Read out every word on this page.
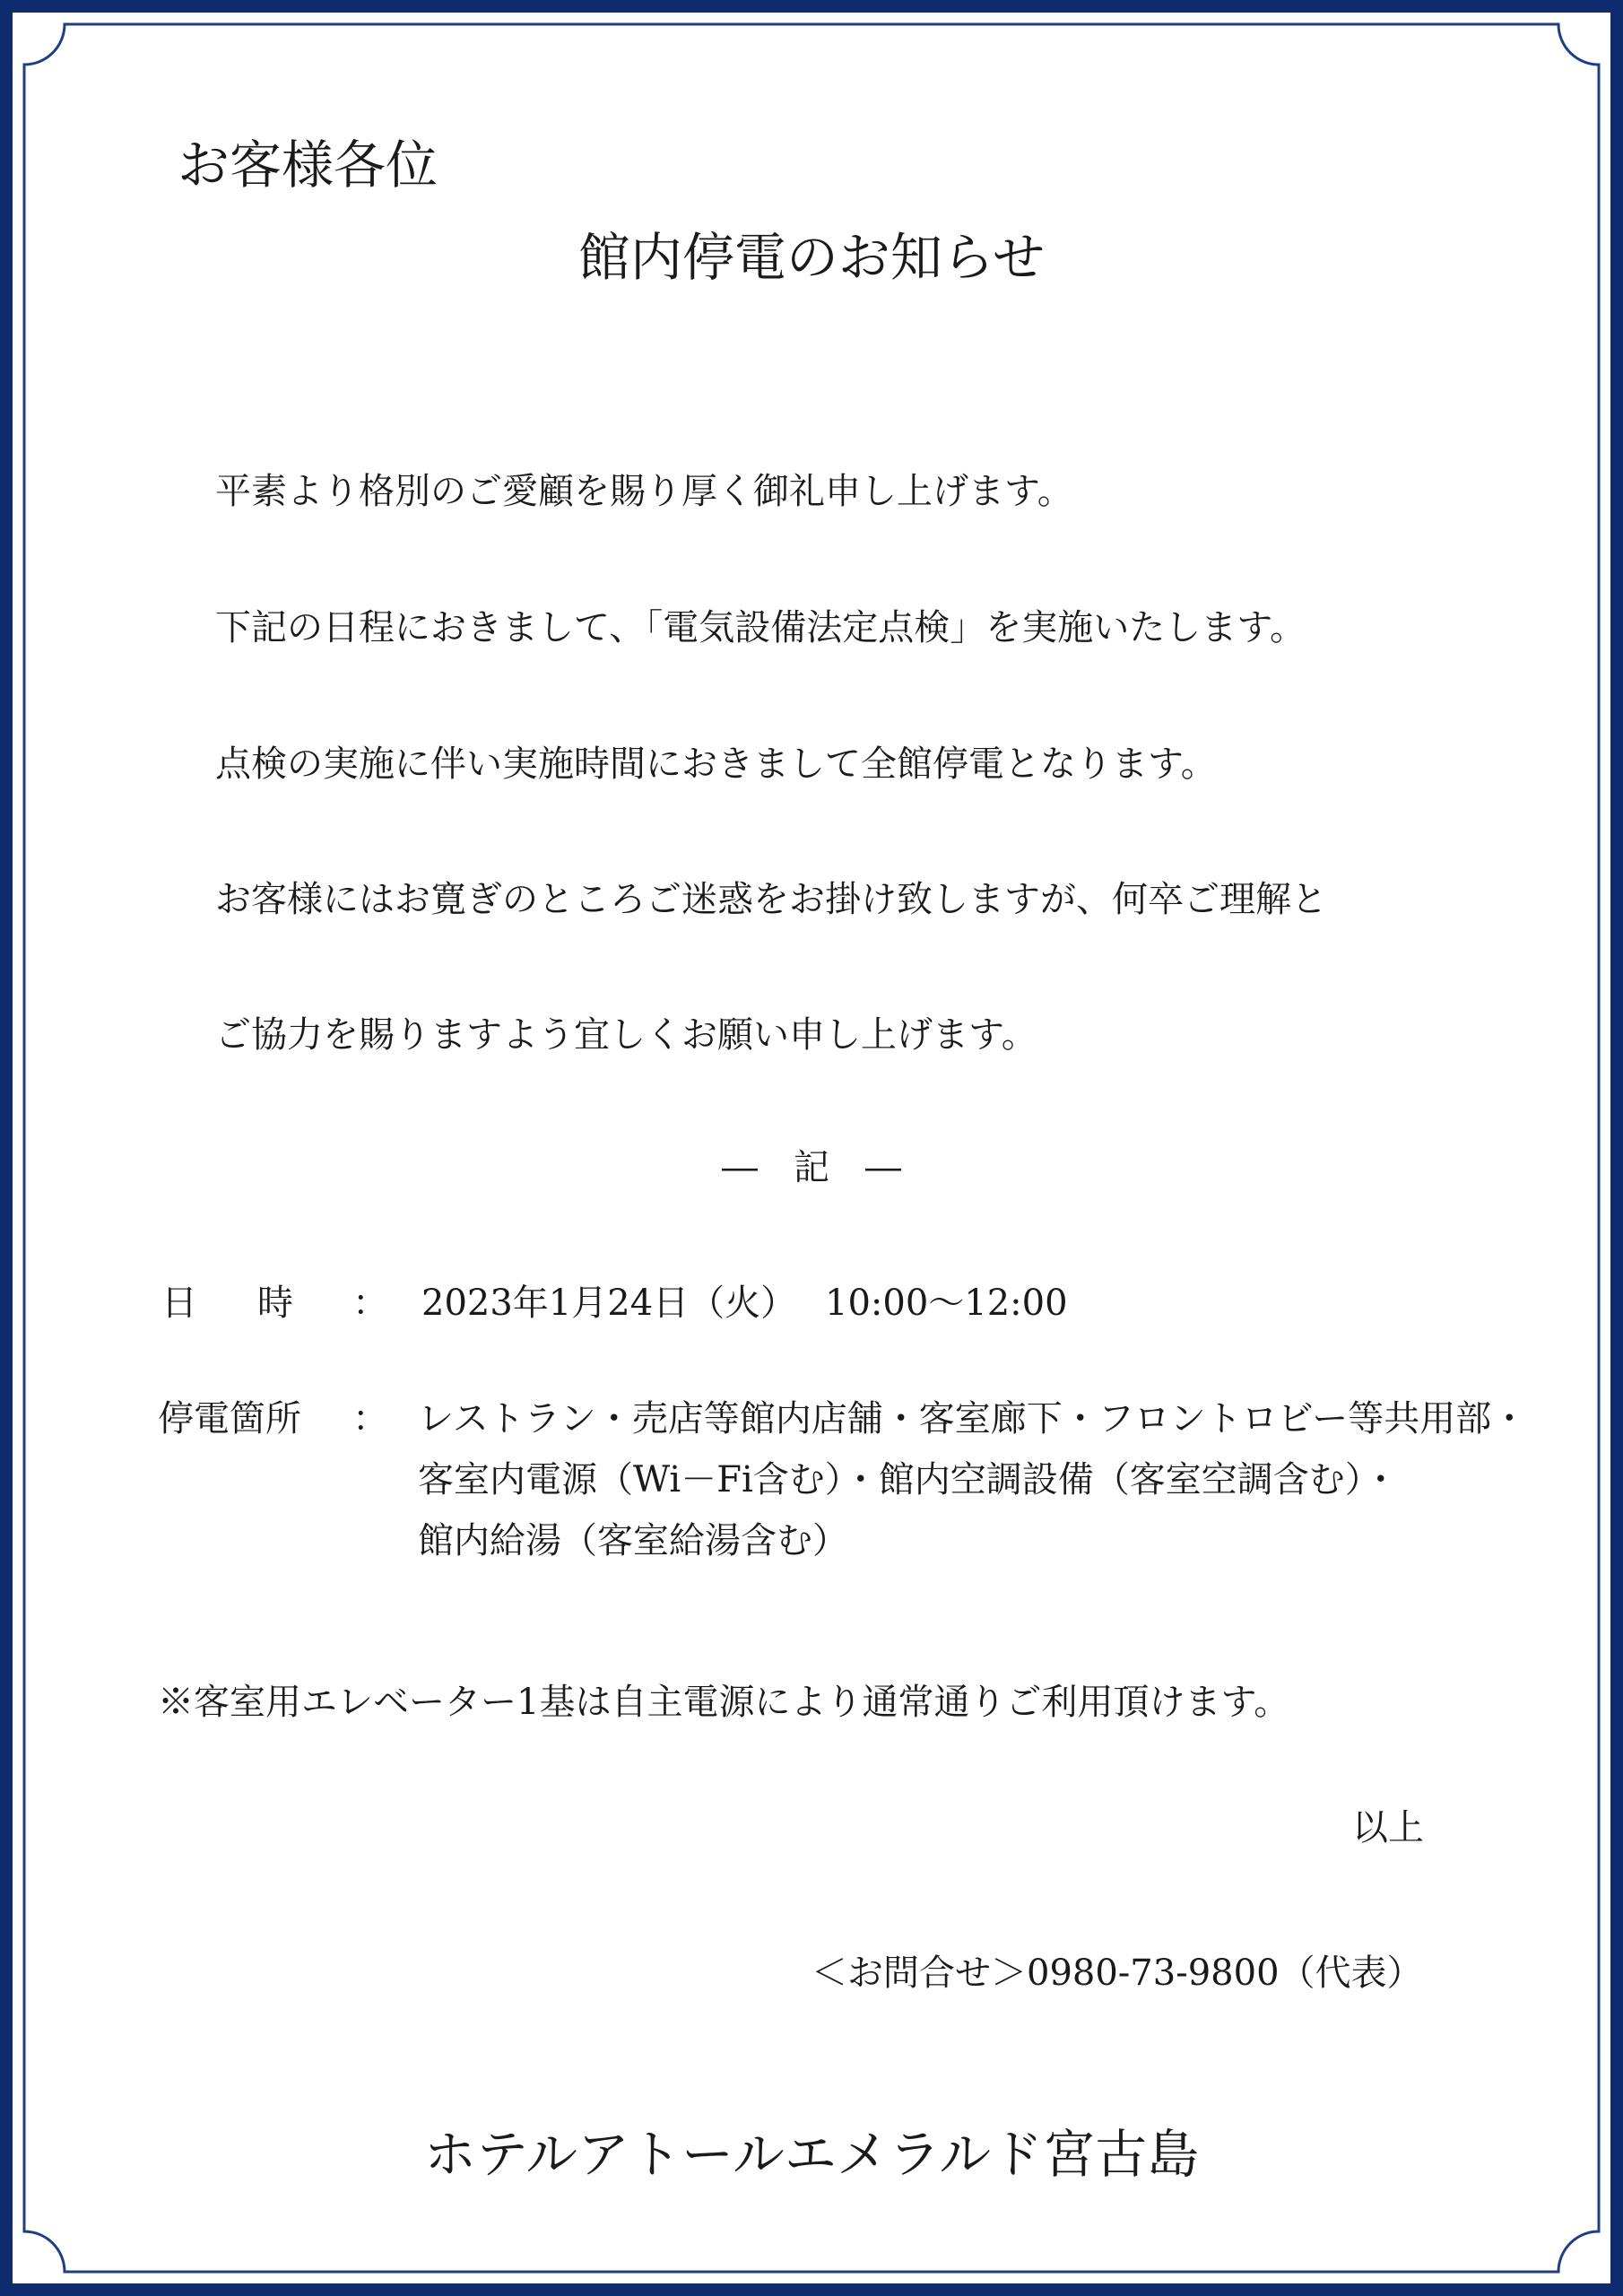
お客様各位
館内停電のお知らせ
平素より格別のご愛顧を賜り厚く御礼申し上げます。
下記の日程におきまして、「電気設備法定点検」を実施いたします。
点検の実施に伴い実施時間におきまして全館停電となります。
お客様にはお寛ぎのところご迷惑をお掛け致しますが、何卒ご理解と
ご協力を賜りますよう宜しくお願い申し上げます。
―　記　―
日 時 ： 2023年1月24日（火） 10:00～12:00
停電箇所 ： レストラン・売店等館内店舗・客室廊下・フロントロビー等共用部・
客室内電源（Wi－Fi含む）・館内空調設備（客室空調含む）・
館内給湯（客室給湯含む）
※客室用エレベーター1基は自主電源により通常通りご利用頂けます。
以上
＜お問合せ＞0980-73-9800（代表）
ホテルアトールエメラルド宮古島
